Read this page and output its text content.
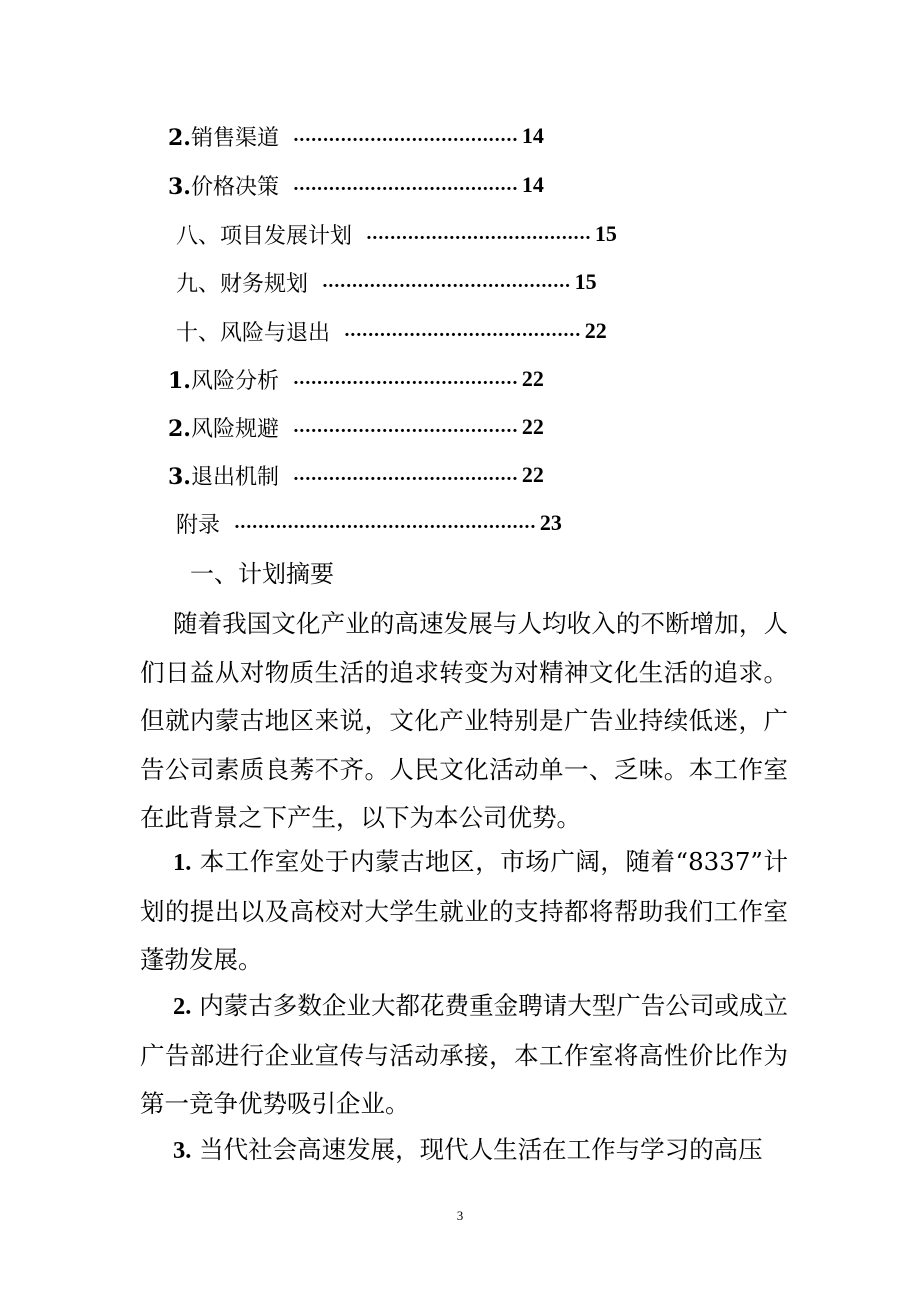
2.销售渠道 ...................................... 14
3.价格决策 ...................................... 14
八、项目发展计划 ...................................... 15
九、财务规划 .......................................... 15
十、风险与退出 ........................................ 22
1.风险分析 ...................................... 22
2.风险规避 ...................................... 22
3.退出机制 ...................................... 22
附录 ................................................... 23
一、计划摘要
随着我国文化产业的高速发展与人均收入的不断增加，人们日益从对物质生活的追求转变为对精神文化生活的追求。但就内蒙古地区来说，文化产业特别是广告业持续低迷，广告公司素质良莠不齐。人民文化活动单一、乏味。本工作室在此背景之下产生，以下为本公司优势。
1. 本工作室处于内蒙古地区，市场广阔，随着“8337”计划的提出以及高校对大学生就业的支持都将帮助我们工作室蓬勃发展。
2. 内蒙古多数企业大都花费重金聘请大型广告公司或成立广告部进行企业宣传与活动承接，本工作室将高性价比作为第一竞争优势吸引企业。
3. 当代社会高速发展，现代人生活在工作与学习的高压
3
